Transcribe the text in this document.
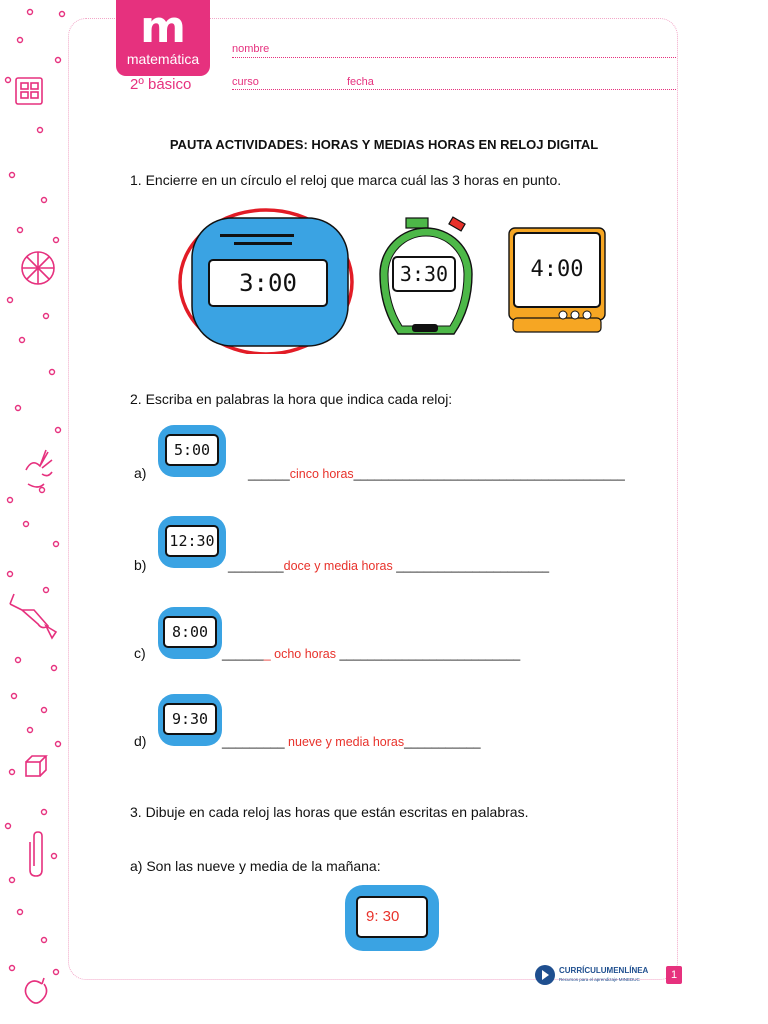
m
matemática
2º básico
nombre
curso	fecha
PAUTA ACTIVIDADES: HORAS Y MEDIAS HORAS EN RELOJ DIGITAL
1. Encierre en un círculo el reloj que marca cuál las 3 horas en punto.
3:00	3:30	4:00
2. Escriba en palabras la hora que indica cada reloj:
5:00
a)	______cinco horas_______________________________________
12:30
b)	________doce y media horas ______________________
8:00
c)	_______ ocho horas __________________________
9:30
d)	_________ nueve y media horas___________
3. Dibuje en cada reloj las horas que están escritas en palabras.
a) Son las nueve y media de la mañana:
9: 30
CURRÍCULUMENLÍNEA
Recursos para el aprendizaje MINEDUC	1
